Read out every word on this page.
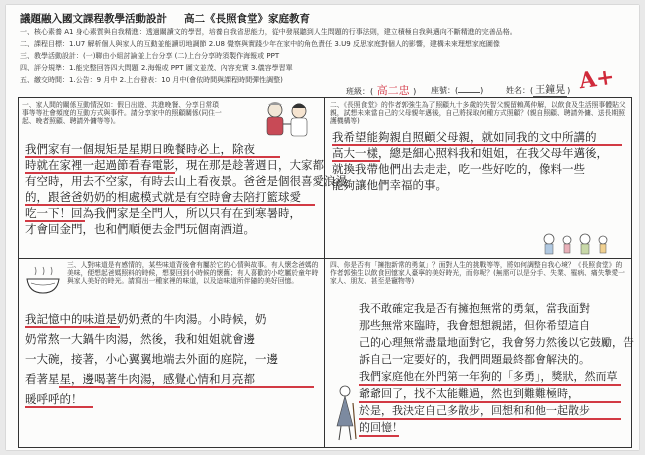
議題融入國文課程教學活動設計 高二《長照食堂》家庭教育
一、核心素養 A1 身心素質與自我精進：透過關讀文的學習，培養自我省思能力，從中發展聽到人生問題的行事法則，建立積極自我與邁向不斷精進的完善品格。
二、課程目標：1.U7 解析個人與家人的互動並能讀切地調節 2.U8 覺察與實踐少年在家中的角色責任 3.U9 反思家庭對個人的影響，建構未來理想家庭圖像
三、教學活動設計：(一)聯由小組討論並上台分享 (二)上台分享時須製作海報或 PPT
四、評分規準：1.能完整回答四大問題 2.海報或 PPT 圖文並茂、內容充實 3.儀容學習單
五、繳交時間：1.公告：9 月中 2.上台發表：10 月中(會依時間與課程時間彈性調整)
班級：( 高二忠 ) 座號：(	)	姓名：( 王鐘晃 ) A+
一、家人間的關係互動情況如：假日出遊、共進晚餐、分享日常瑣事等等社會頻度的互動方式與事件。請分享家中的照顧關係(同住一起、晚者照顧、聘請外傭等等)。
我們家有一個規矩是星期日晚餐時必上，除夜
時就在家裡一起過節看春電影，現在那是趁著週日，大家都
有空時，用去不空家，有時去山上看夜景。爸爸是個很喜愛浪漫
的，跟爸爸奶奶的相處模式就是有空時會去陪打籃球愛
吃一下！回為我們家是全門人，所以只有在到寒暑時，
才會回金門，也和們順便去金門玩個南酒道。
二、《長照食堂》的作者郭強生為了照顧九十多歲的失智父親留賴萬仲解，以飲食及生活照事體貼父親，試想未來當自己的父母親年邁後，自己將採取何種方式照顧？(親自照顧、聘請外傭、送長期照護機構等)
我希望能夠親自照顧父母親，就如同我的文中所講的
高大一樣，總是細心照料我和姐姐，在我父母年邁後，
就換我帶他們出去走走，吃一些好吃的，像料一些
能夠讓他們幸福的事。
三、人對味道是有感情的，某些味道背後會有屬於它的心情與故事。有人懷念爸媽的美味，便想起爸媽照料的時候，想要回到小時候的懷舊；有人喜歡的小吃屬於童年時與家人美好的時光。請寫出一種家裡的味道，以及這味道所伴隨的美好回憶。
我記憶中的味道是奶奶煮的牛肉湯。小時候，奶
奶常熬一大鍋牛肉湯，然後，我和姐姐就會邊
一大碗，接著，小心翼翼地端去外面的庭院，一邊
看著星星，邊喝著牛肉湯，感覺心情和月亮都
暖呼呼的！
四、你是否有「擁抱新常的勇氣」？面對人生的挑戰等等，將如何調整自我心境？《長照食堂》的作者郭強生以飲食回憶家人臺寧的美好時光，而你呢？(無需可以是分手、失業、罹病、痛失摯愛一家人、朋友、甚至是寵物等)
我不敢確定我是否有擁抱無常的勇氣，當我面對
那些無常來臨時，我會想想親諾，但你希望這自
己的心理無常盡量地面對它，我會努力然後以它鼓勵，告
訴自己一定要好的，我們問題最終都會解決的。
我們家庭他在外門第一年狗的「多勇」，獎狀，然而草
爺爺回了，找不太能難過，然也到難難極時，
於是，我決定自己多散步，回想和和他一起散步
的回憶！
